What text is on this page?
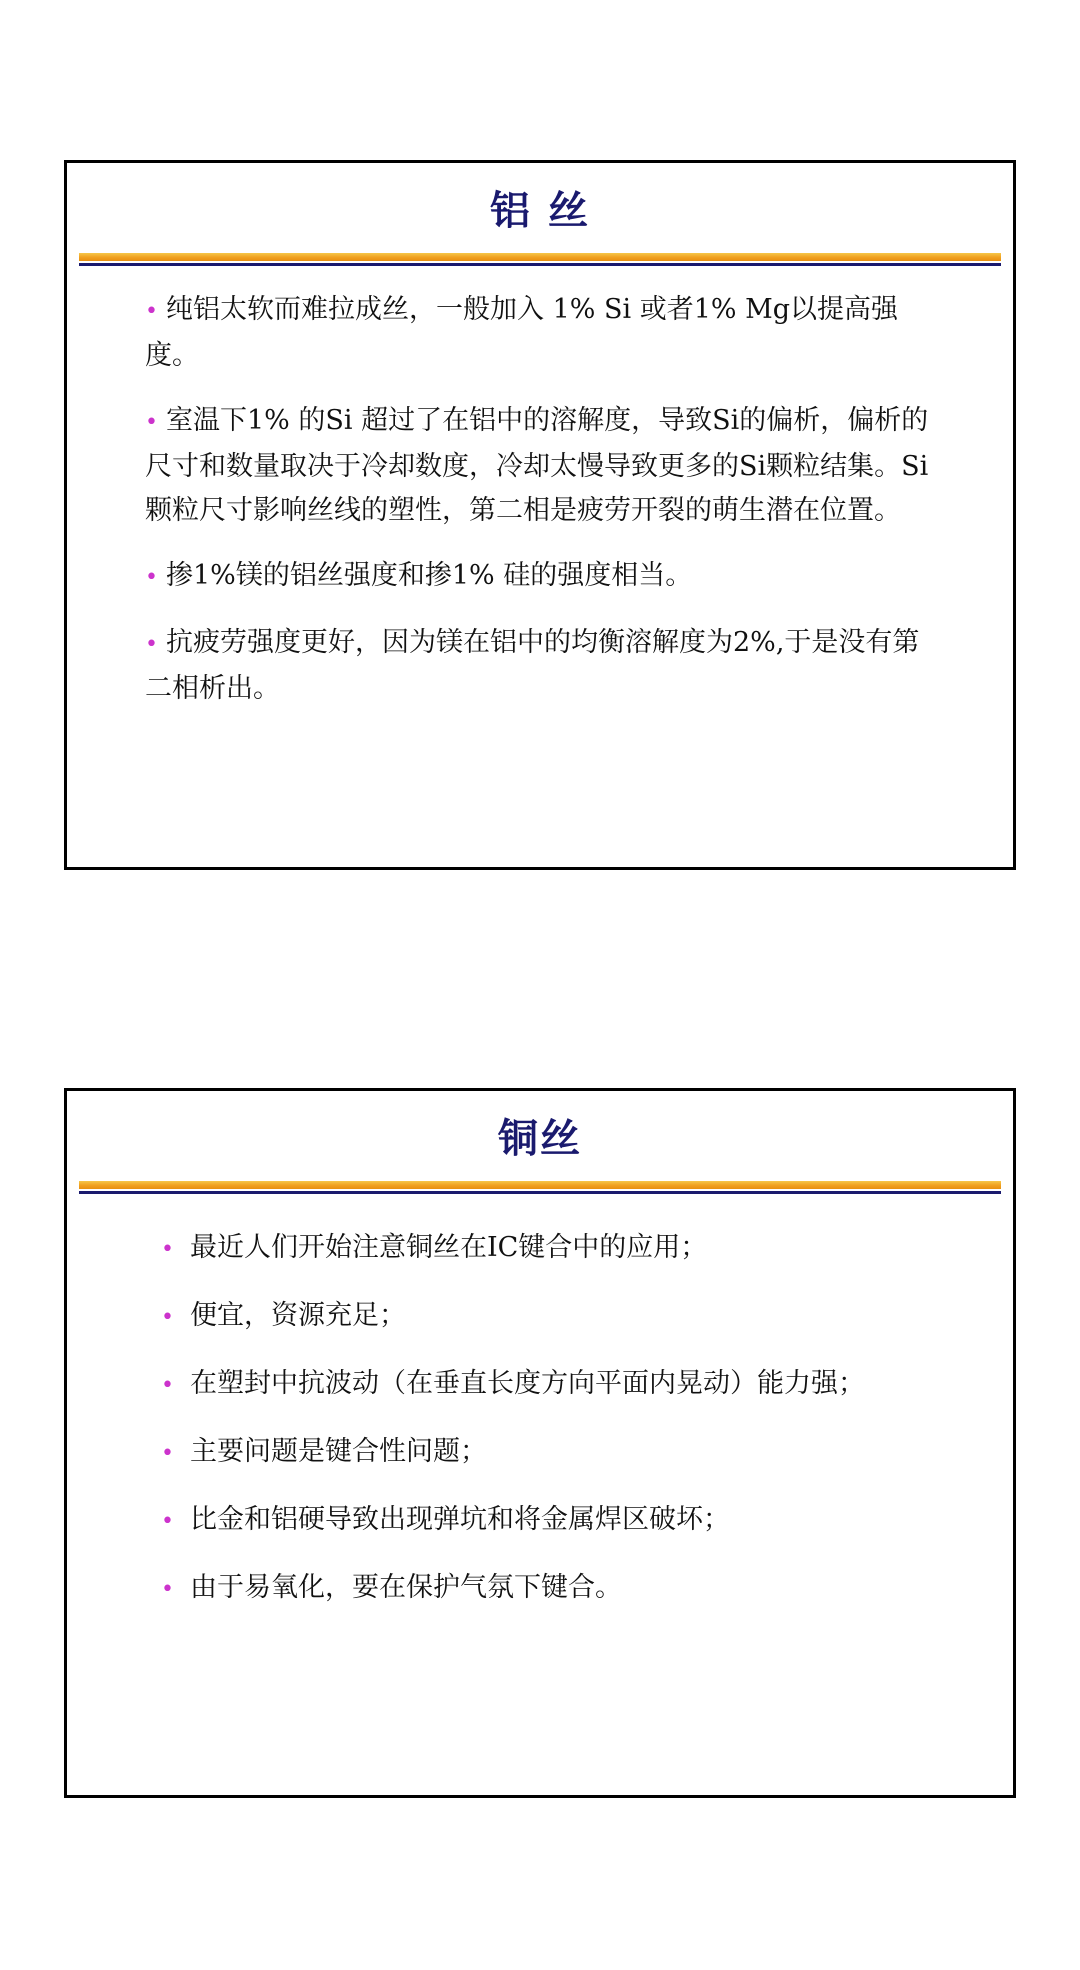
铝 丝
• 纯铝太软而难拉成丝，一般加入 1% Si 或者1% Mg以提高强度。
• 室温下1% 的Si 超过了在铝中的溶解度，导致Si的偏析，偏析的尺寸和数量取决于冷却数度，冷却太慢导致更多的Si颗粒结集。Si颗粒尺寸影响丝线的塑性，第二相是疲劳开裂的萌生潜在位置。
• 掺1%镁的铝丝强度和掺1% 硅的强度相当。
• 抗疲劳强度更好，因为镁在铝中的均衡溶解度为2%,于是没有第二相析出。
铜丝
• 最近人们开始注意铜丝在IC键合中的应用；
• 便宜，资源充足；
• 在塑封中抗波动（在垂直长度方向平面内晃动）能力强；
• 主要问题是键合性问题；
• 比金和铝硬导致出现弹坑和将金属焊区破坏；
• 由于易氧化，要在保护气氛下键合。
